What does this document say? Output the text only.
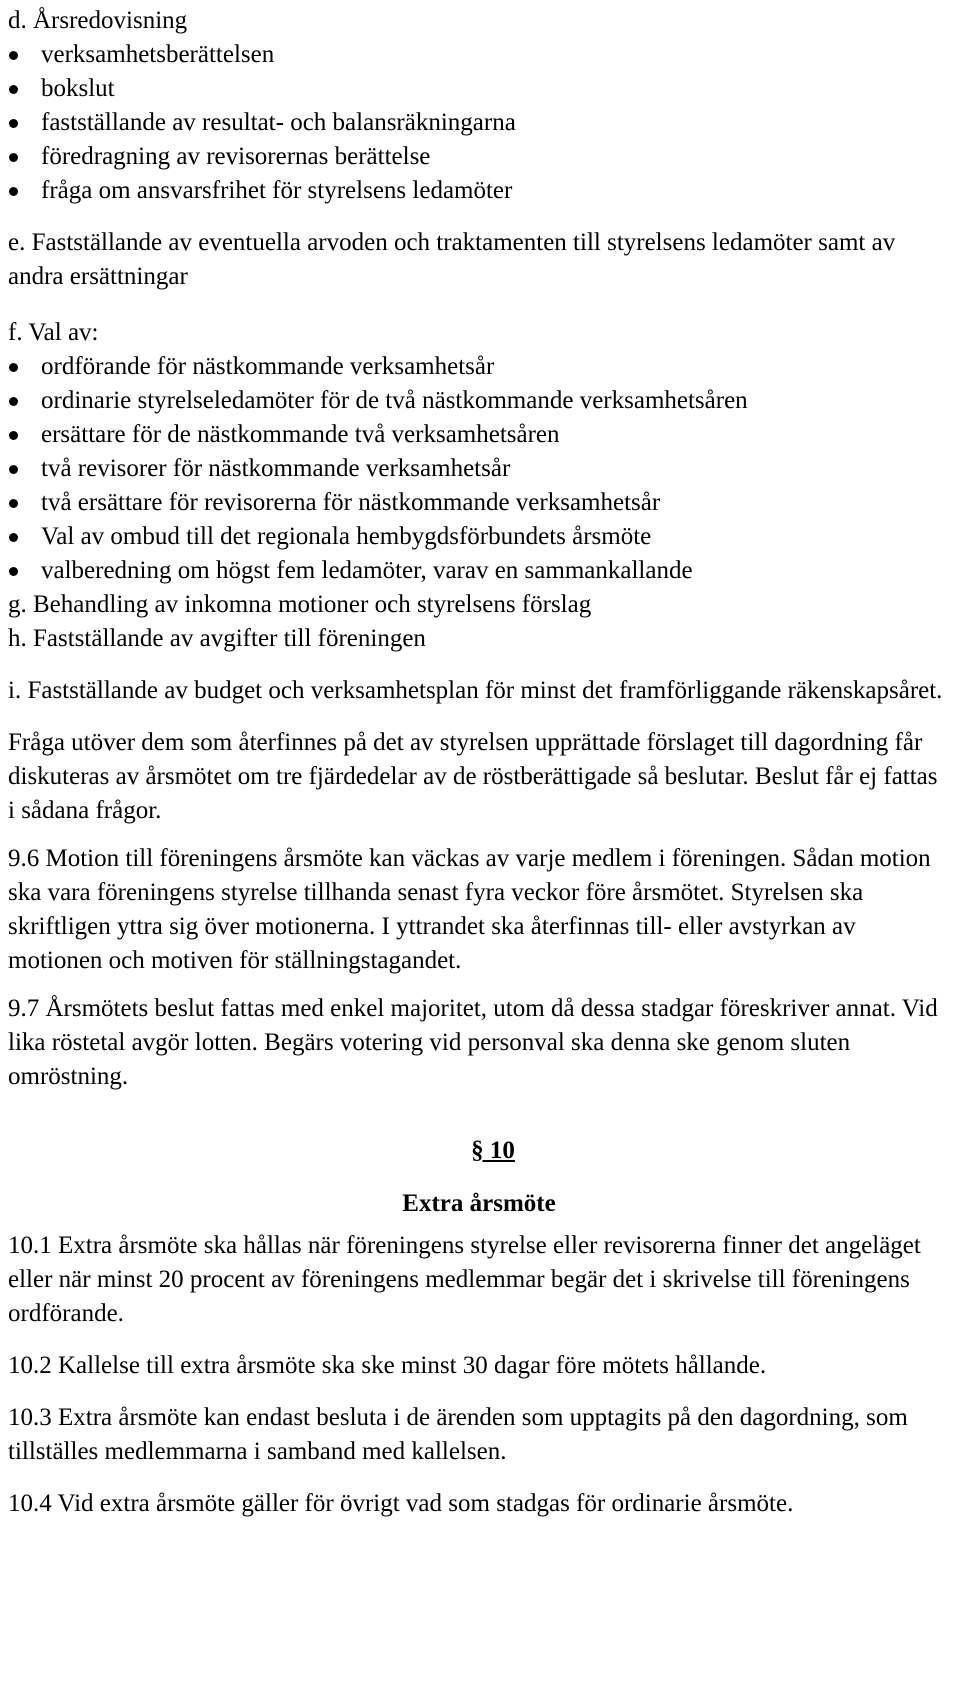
d. Årsredovisning

verksamhetsberättelsen
bokslut
fastställande av resultat- och balansräkningarna
föredragning av revisorernas berättelse
fråga om ansvarsfrihet för styrelsens ledamöter

e. Fastställande av eventuella arvoden och traktamenten till styrelsens ledamöter samt av andra ersättningar

f. Val av:

ordförande för nästkommande verksamhetsår
ordinarie styrelseledamöter för de två nästkommande verksamhetsåren
ersättare för de nästkommande två verksamhetsåren
två revisorer för nästkommande verksamhetsår
två ersättare för revisorerna för nästkommande verksamhetsår
Val av ombud till det regionala hembygdsförbundets årsmöte
valberedning om högst fem ledamöter, varav en sammankallande

g. Behandling av inkomna motioner och styrelsens förslag

h. Fastställande av avgifter till föreningen

i. Fastställande av budget och verksamhetsplan för minst det framförliggande räkenskapsåret.

Fråga utöver dem som återfinnes på det av styrelsen upprättade förslaget till dagordning får diskuteras av årsmötet om tre fjärdedelar av de röstberättigade så beslutar. Beslut får ej fattas i sådana frågor.

9.6 Motion till föreningens årsmöte kan väckas av varje medlem i föreningen. Sådan motion ska vara föreningens styrelse tillhanda senast fyra veckor före årsmötet. Styrelsen ska skriftligen yttra sig över motionerna. I yttrandet ska återfinnas till- eller avstyrkan av motionen och motiven för ställningstagandet.

9.7 Årsmötets beslut fattas med enkel majoritet, utom då dessa stadgar föreskriver annat. Vid lika röstetal avgör lotten. Begärs votering vid personval ska denna ske genom sluten omröstning.

§ 10

Extra årsmöte

10.1 Extra årsmöte ska hållas när föreningens styrelse eller revisorerna finner det angeläget eller när minst 20 procent av föreningens medlemmar begär det i skrivelse till föreningens ordförande.

10.2 Kallelse till extra årsmöte ska ske minst 30 dagar före mötets hållande.

10.3 Extra årsmöte kan endast besluta i de ärenden som upptagits på den dagordning, som tillställes medlemmarna i samband med kallelsen.

10.4 Vid extra årsmöte gäller för övrigt vad som stadgas för ordinarie årsmöte.
